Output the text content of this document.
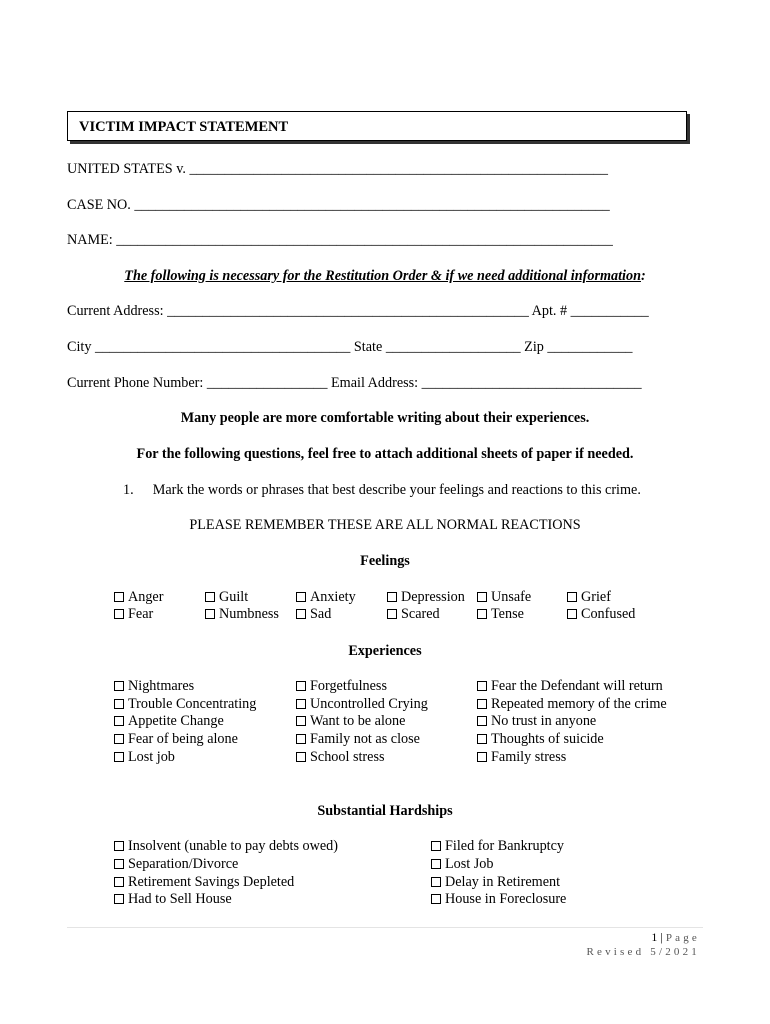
VICTIM IMPACT STATEMENT
UNITED STATES v. ___________________________________________________________
CASE NO. ___________________________________________________________________
NAME: ______________________________________________________________________
The following is necessary for the Restitution Order & if we need additional information:
Current Address: ___________________________________________________ Apt. # ___________
City ____________________________________ State ___________________ Zip ____________
Current Phone Number: _________________ Email Address: _______________________________
Many people are more comfortable writing about their experiences.
For the following questions, feel free to attach additional sheets of paper if needed.
1. Mark the words or phrases that best describe your feelings and reactions to this crime.
PLEASE REMEMBER THESE ARE ALL NORMAL REACTIONS
Feelings
Anger
Fear
Guilt
Numbness
Anxiety
Sad
Depression
Scared
Unsafe
Tense
Grief
Confused
Experiences
Nightmares
Trouble Concentrating
Appetite Change
Fear of being alone
Lost job
Forgetfulness
Uncontrolled Crying
Want to be alone
Family not as close
School stress
Fear the Defendant will return
Repeated memory of the crime
No trust in anyone
Thoughts of suicide
Family stress
Substantial Hardships
Insolvent (unable to pay debts owed)
Separation/Divorce
Retirement Savings Depleted
Had to Sell House
Filed for Bankruptcy
Lost Job
Delay in Retirement
House in Foreclosure
1 | Page
Revised 5/2021
